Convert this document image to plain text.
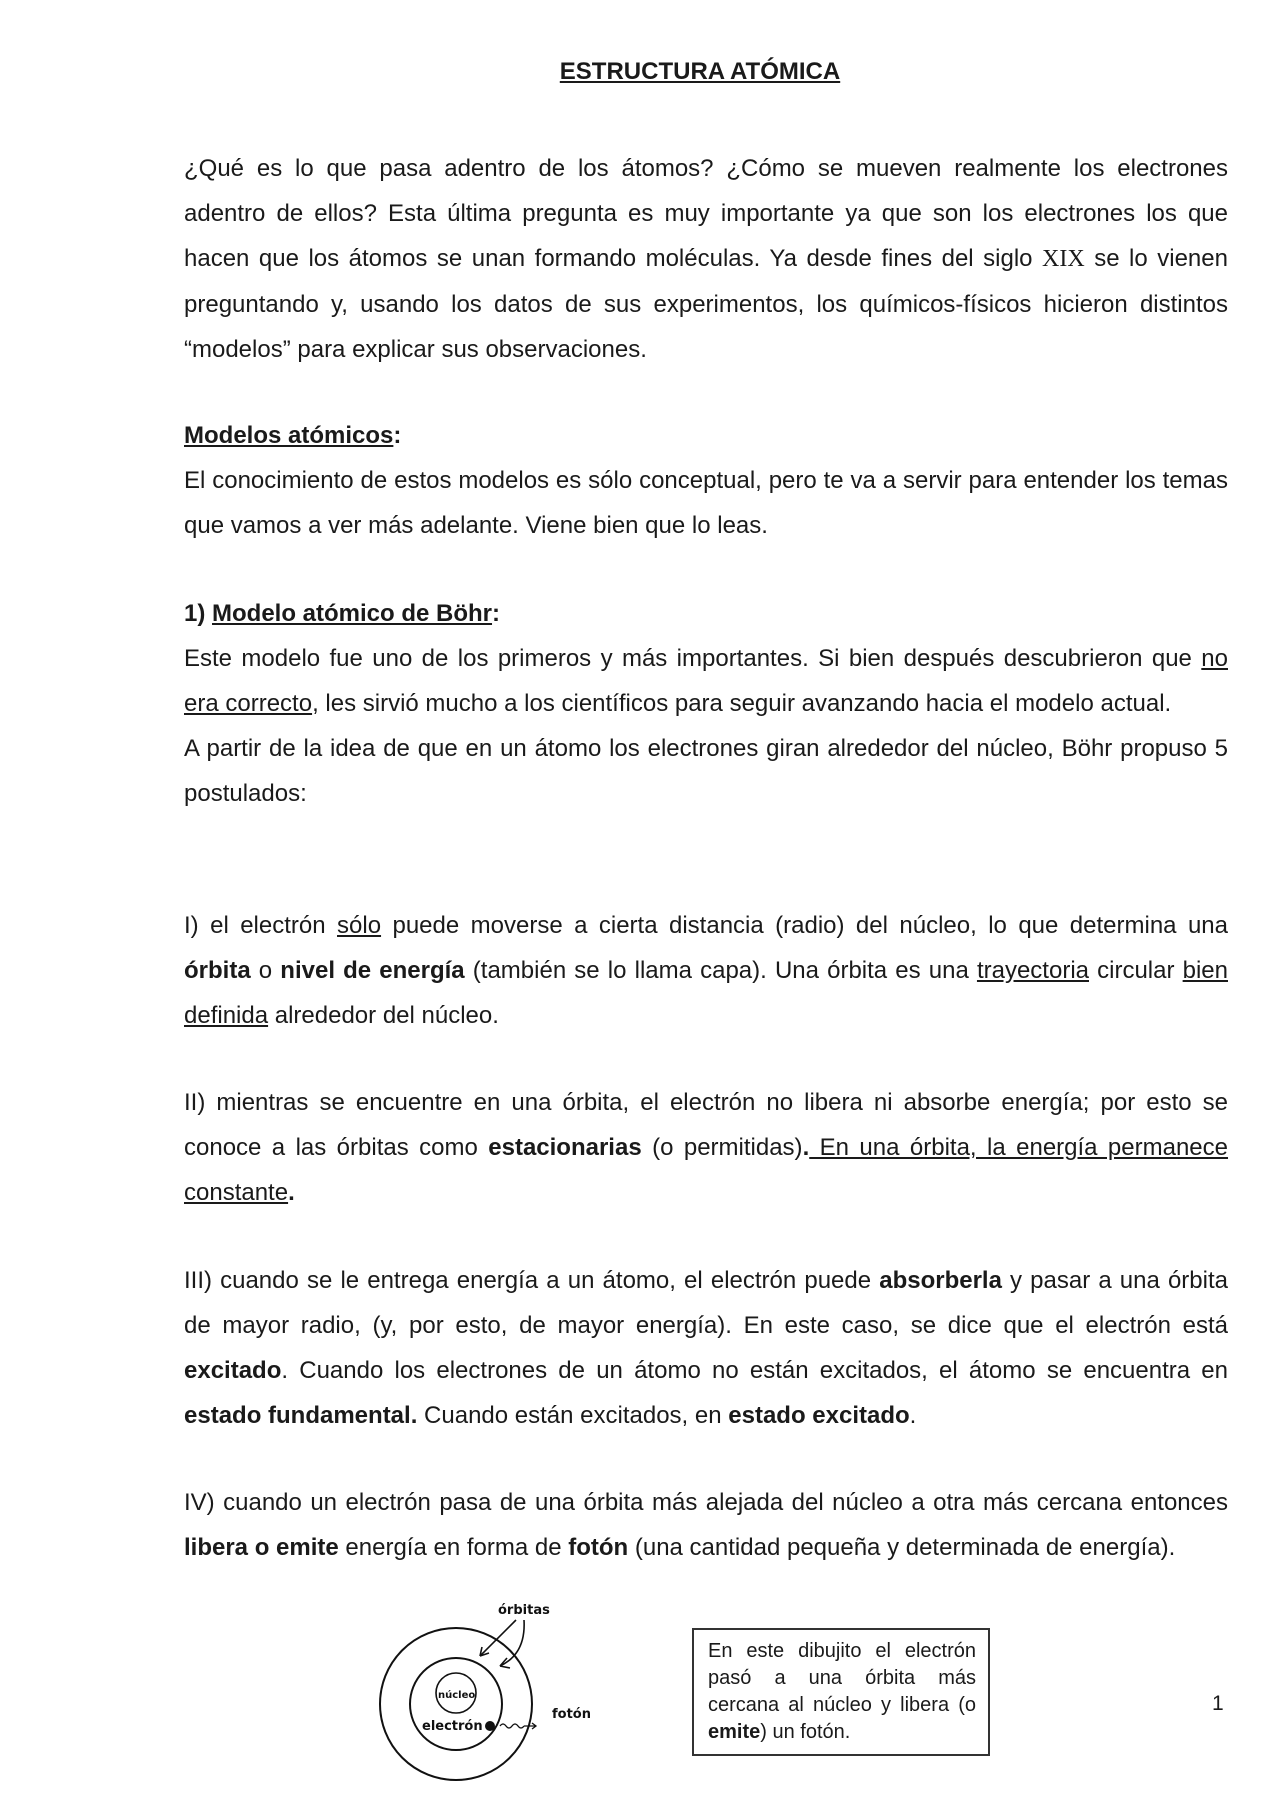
ESTRUCTURA ATÓMICA

¿Qué es lo que pasa adentro de los átomos? ¿Cómo se mueven realmente los electrones adentro de ellos? Esta última pregunta es muy importante ya que son los electrones los que hacen que los átomos se unan formando moléculas. Ya desde fines del siglo XIX se lo vienen preguntando y, usando los datos de sus experimentos, los químicos-físicos hicieron distintos “modelos” para explicar sus observaciones.

Modelos atómicos:
El conocimiento de estos modelos es sólo conceptual, pero te va a servir para entender los temas que vamos a ver más adelante. Viene bien que lo leas.

1) Modelo atómico de Böhr:
Este modelo fue uno de los primeros y más importantes. Si bien después descubrieron que no era correcto, les sirvió mucho a los científicos para seguir avanzando hacia el modelo actual.
A partir de la idea de que en un átomo los electrones giran alrededor del núcleo, Böhr propuso 5 postulados:

I) el electrón sólo puede moverse a cierta distancia (radio) del núcleo, lo que determina una órbita o nivel de energía (también se lo llama capa). Una órbita es una trayectoria circular bien definida alrededor del núcleo.

II) mientras se encuentre en una órbita, el electrón no libera ni absorbe energía; por esto se conoce a las órbitas como estacionarias (o permitidas). En una órbita, la energía permanece constante.

III) cuando se le entrega energía a un átomo, el electrón puede absorberla y pasar a una órbita de mayor radio, (y, por esto, de mayor energía). En este caso, se dice que el electrón está excitado. Cuando los electrones de un átomo no están excitados, el átomo se encuentra en estado fundamental. Cuando están excitados, en estado excitado.

IV) cuando un electrón pasa de una órbita más alejada del núcleo a otra más cercana entonces libera o emite energía en forma de fotón (una cantidad pequeña y determinada de energía).

órbitas
núcleo
electrón
fotón
En este dibujito el electrón pasó a una órbita más cercana al núcleo y libera (o emite) un fotón.
1
